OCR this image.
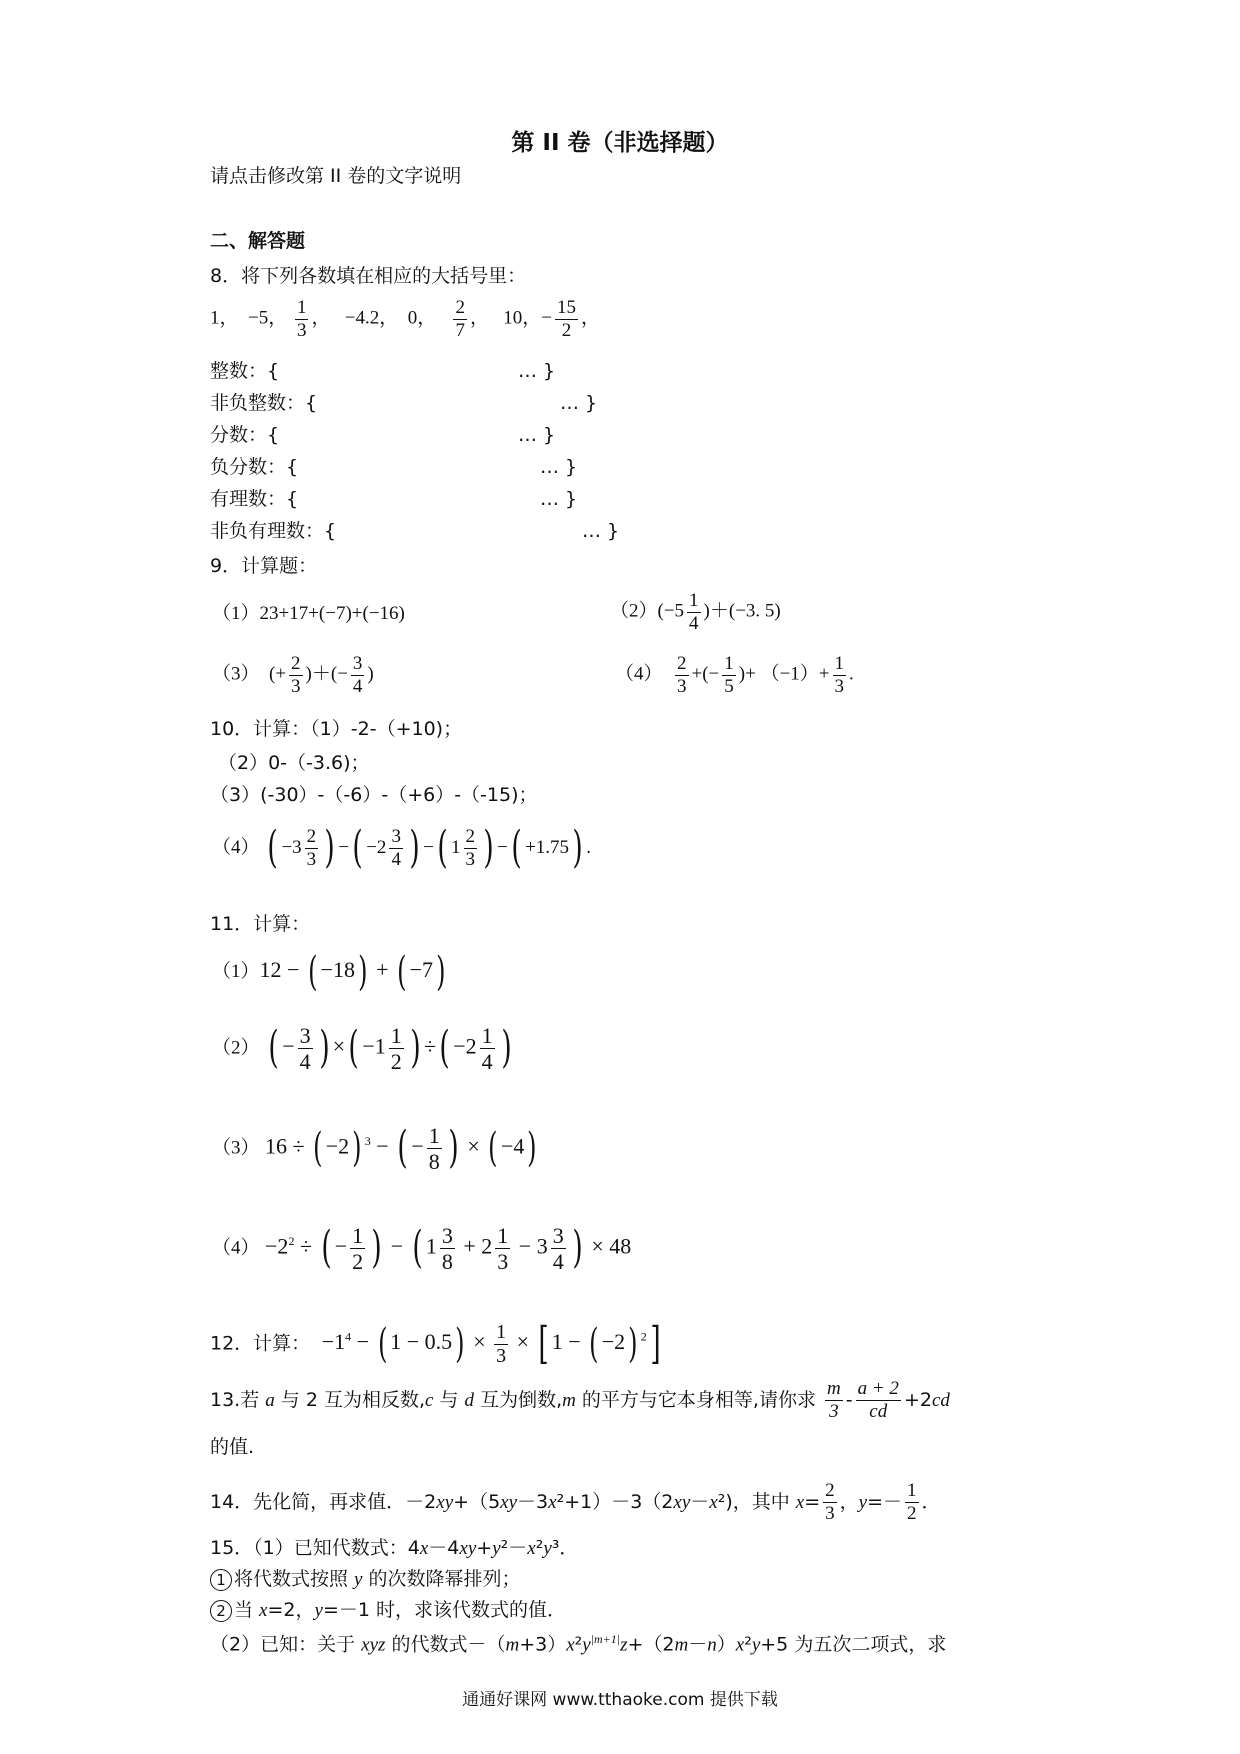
第 II 卷（非选择题）
请点击修改第 II 卷的文字说明
二、解答题
8．将下列各数填在相应的大括号里：
1， −5， $\frac{1}{3}$ ， −4.2， 0， $\frac{2}{7}$ ， 10，− $\frac{15}{2}$ ，
整数：{	… }
非负整数：{	… }
分数：{	… }
负分数：{	… }
有理数：{	… }
非负有理数：{	… }
9．计算题：
（1）23+17+(−7)+(−16)	$(2)(-5 \frac{1}{4} )+(-3$. 5)
（3）　(+ $\frac{2}{3}$ )＋(− $\frac{3}{4}$ )	$(4) \frac{2}{3}$ +(− $\frac{1}{5}$ )+ $(-1)+ \frac{1}{3}$ .
10．计算：（1）-2-（+10)；
（2）0-（-3.6)；
（3）(-30）-（-6）-（+6）-（-15)；
（4） ( $-3 \frac{2}{3}$ ) −( $-2 \frac{3}{4}$ ) −( $1 \frac{2}{3}$ ) −( +1.75) .
11．计算：
（1）12 − ( −18) + ( −7)
（2） ( − $\frac{3}{4}$ ) ×( $-1 \frac{1}{2}$ ) ÷( $-2 \frac{1}{4}$ )
（3） 16 ÷ ( −2) $^3$ − ( − $\frac{1}{8}$ ) × ( −4)
$(4) -2^2$ ÷ ( − $\frac{1}{2}$ ) − ( $1 \frac{3}{8} + 2 \frac{1}{3} - 3 \frac{3}{4}$ ) × 48
12．计算： $-1^4$ − ( $1 - 0.5) \times \frac{1}{3}$ × [ 1 − ( −2) $^2$]
13.若 a 与 2 互为相反数,c 与 d 互为倒数,m 的平方与它本身相等,请你求 $\frac{m}{3} - \frac{a + 2}{cd} +2cd$
的值.
14．先化简，再求值．－2xy+（5xy－3x²+1）－3（2xy－x²)，其中 $x= \frac{2}{3}$ ，$y=- \frac{1}{2}$ ．
15．（1）已知代数式：4x－4xy+y²－x²y³．
1 将代数式按照 y 的次数降幂排列；
2 当 x=2，y=－1 时，求该代数式的值．
（2）已知：关于 xyz 的代数式$-(m+3)x^2y^{|m+1|}z+(2m-n)x^2y+5$ 为五次二项式，求
通通好课网 www.tthaoke.com 提供下载
